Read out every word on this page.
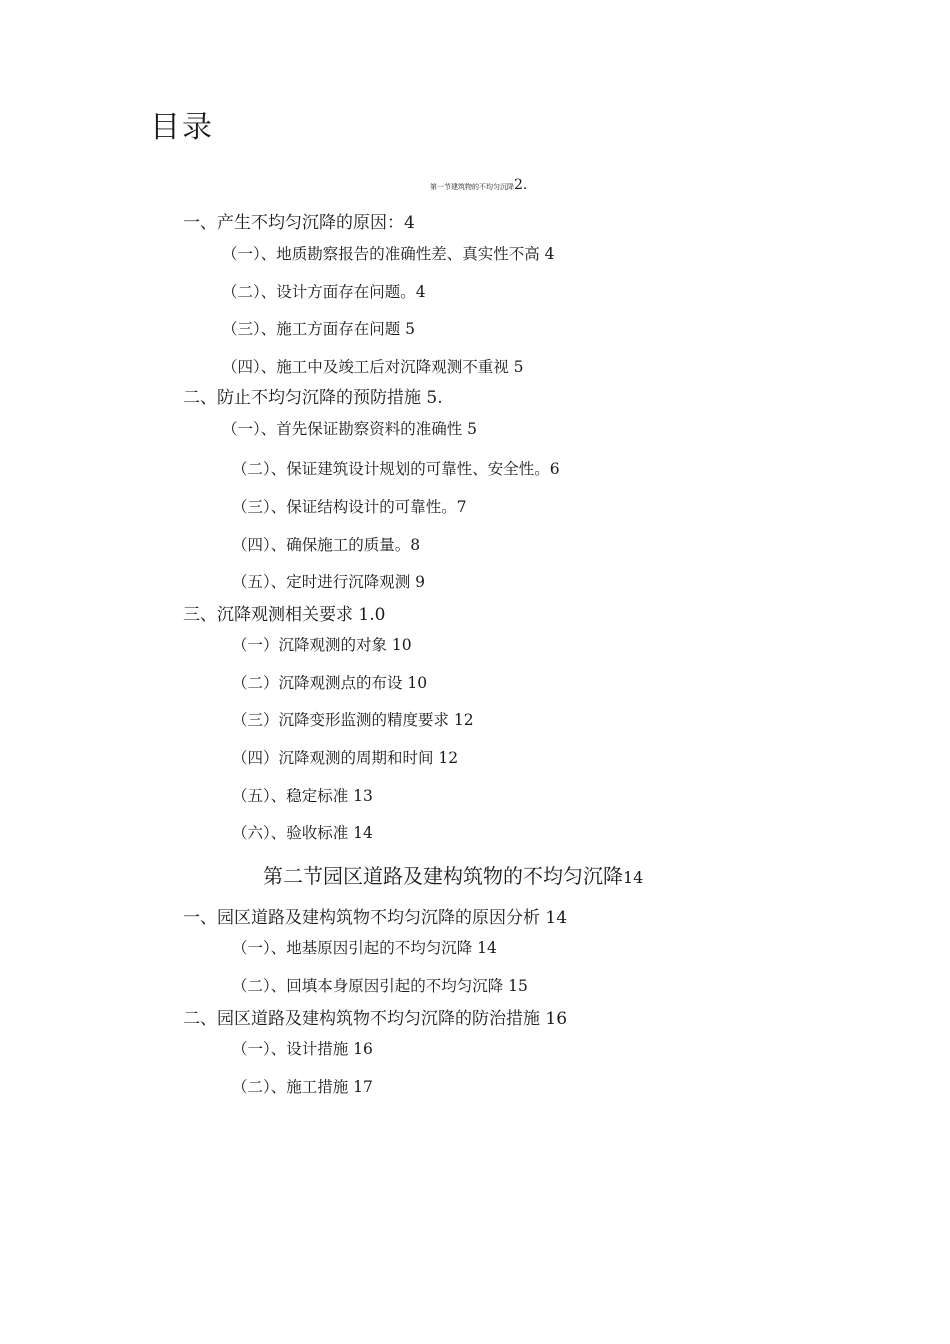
目录
第一节建筑物的不均匀沉降2.
一、产生不均匀沉降的原因：4
（一）、地质勘察报告的准确性差、真实性不高 4
（二）、设计方面存在问题。4
（三）、施工方面存在问题 5
（四）、施工中及竣工后对沉降观测不重视 5
二、防止不均匀沉降的预防措施 5.
（一）、首先保证勘察资料的准确性 5
（二）、保证建筑设计规划的可靠性、安全性。6
（三）、保证结构设计的可靠性。7
（四）、确保施工的质量。8
（五）、定时进行沉降观测 9
三、沉降观测相关要求 1.0
（一）沉降观测的对象 10
（二）沉降观测点的布设 10
（三）沉降变形监测的精度要求 12
（四）沉降观测的周期和时间 12
（五）、稳定标准 13
（六）、验收标准 14
第二节园区道路及建构筑物的不均匀沉降14
一、园区道路及建构筑物不均匀沉降的原因分析 14
（一）、地基原因引起的不均匀沉降 14
（二）、回填本身原因引起的不均匀沉降 15
二、园区道路及建构筑物不均匀沉降的防治措施 16
（一）、设计措施 16
（二）、施工措施 17
